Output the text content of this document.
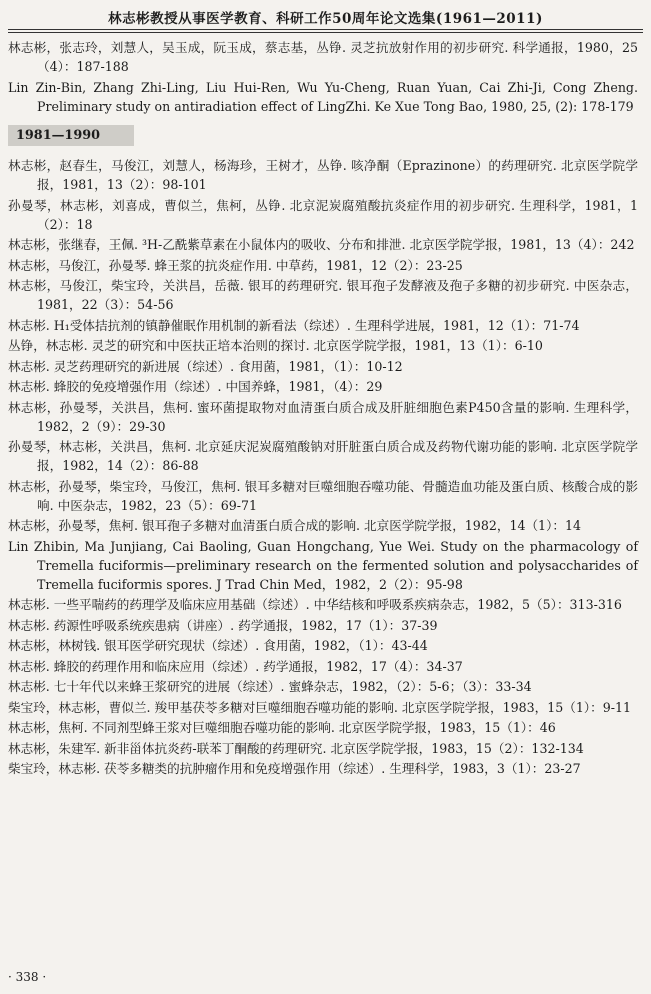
林志彬教授从事医学教育、科研工作50周年论文选集(1961—2011)
林志彬，张志玲，刘慧人，吴玉成，阮玉成，蔡志基，丛铮. 灵芝抗放射作用的初步研究. 科学通报，1980，25（4）：187-188
Lin Zin-Bin, Zhang Zhi-Ling, Liu Hui-Ren, Wu Yu-Cheng, Ruan Yuan, Cai Zhi-Ji, Cong Zheng. Preliminary study on antiradiation effect of LingZhi. Ke Xue Tong Bao, 1980, 25, (2): 178-179
1981—1990
林志彬，赵春生，马俊江，刘慧人，杨海珍，王树才，丛铮. 咳净酮（Eprazinone）的药理研究. 北京医学院学报，1981，13（2）：98-101
孙曼琴，林志彬，刘喜成，曹似兰，焦柯，丛铮. 北京泥炭腐殖酸抗炎症作用的初步研究. 生理科学，1981，1（2）：18
林志彬，张继春，王佩. ³H-乙酰紫草素在小鼠体内的吸收、分布和排泄. 北京医学院学报，1981，13（4）：242
林志彬，马俊江，孙曼琴. 蜂王浆的抗炎症作用. 中草药，1981，12（2）：23-25
林志彬，马俊江，柴宝玲，关洪昌，岳薇. 银耳的药理研究. 银耳孢子发酵液及孢子多糖的初步研究. 中医杂志，1981，22（3）：54-56
林志彬. H₁受体拮抗剂的镇静催眠作用机制的新看法（综述）. 生理科学进展，1981，12（1）：71-74
丛铮，林志彬. 灵芝的研究和中医扶正培本治则的探讨. 北京医学院学报，1981，13（1）：6-10
林志彬. 灵芝药理研究的新进展（综述）. 食用菌，1981，（1）：10-12
林志彬. 蜂胶的免疫增强作用（综述）. 中国养蜂，1981，（4）：29
林志彬，孙曼琴，关洪昌，焦柯. 蜜环菌提取物对血清蛋白质合成及肝脏细胞色素P450含量的影响. 生理科学，1982，2（9）：29-30
孙曼琴，林志彬，关洪昌，焦柯. 北京延庆泥炭腐殖酸钠对肝脏蛋白质合成及药物代谢功能的影响. 北京医学院学报，1982，14（2）：86-88
林志彬，孙曼琴，柴宝玲，马俊江，焦柯. 银耳多糖对巨噬细胞吞噬功能、骨髓造血功能及蛋白质、核酸合成的影响. 中医杂志，1982，23（5）：69-71
林志彬，孙曼琴，焦柯. 银耳孢子多糖对血清蛋白质合成的影响. 北京医学院学报，1982，14（1）：14
Lin Zhibin, Ma Junjiang, Cai Baoling, Guan Hongchang, Yue Wei. Study on the pharmacology of Tremella fuciformis—preliminary research on the fermented solution and polysaccharides of Tremella fuciformis spores. J Trad Chin Med，1982，2（2）：95-98
林志彬. 一些平喘药的药理学及临床应用基础（综述）. 中华结核和呼吸系疾病杂志，1982，5（5）：313-316
林志彬. 药源性呼吸系统疾患病（讲座）. 药学通报，1982，17（1）：37-39
林志彬，林树钱. 银耳医学研究现状（综述）. 食用菌，1982，（1）：43-44
林志彬. 蜂胶的药理作用和临床应用（综述）. 药学通报，1982，17（4）：34-37
林志彬. 七十年代以来蜂王浆研究的进展（综述）. 蜜蜂杂志，1982，（2）：5-6；（3）：33-34
柴宝玲，林志彬，曹似兰. 羧甲基茯苓多糖对巨噬细胞吞噬功能的影响. 北京医学院学报，1983，15（1）：9-11
林志彬，焦柯. 不同剂型蜂王浆对巨噬细胞吞噬功能的影响. 北京医学院学报，1983，15（1）：46
林志彬，朱建军. 新非甾体抗炎药-联苯丁酮酸的药理研究. 北京医学院学报，1983，15（2）：132-134
柴宝玲，林志彬. 茯苓多糖类的抗肿瘤作用和免疫增强作用（综述）. 生理科学，1983，3（1）：23-27
· 338 ·
